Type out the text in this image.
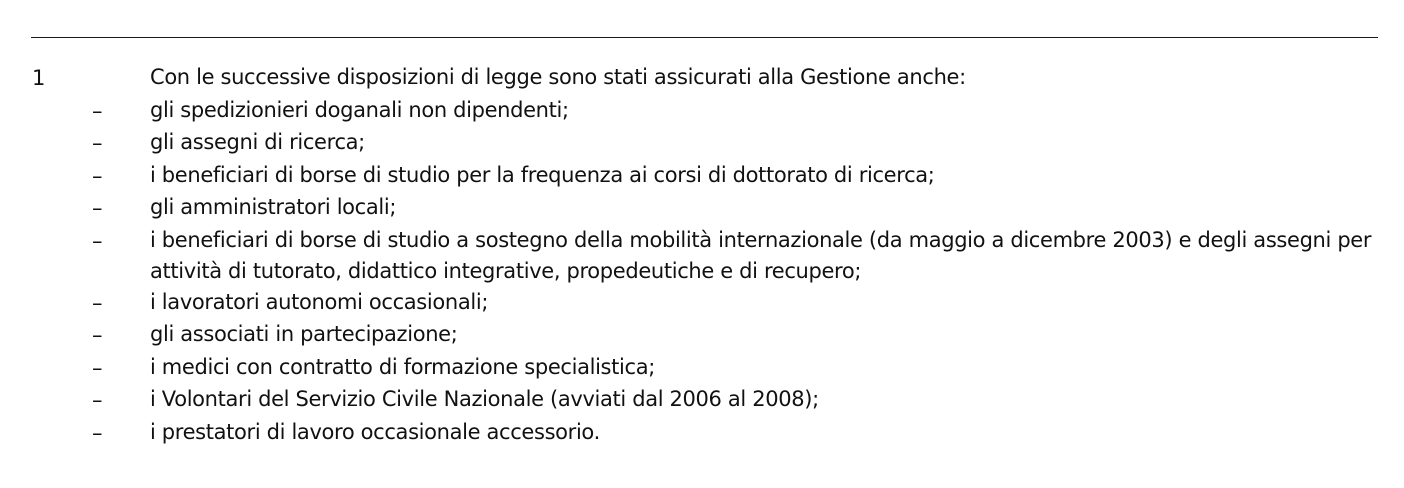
1	Con le successive disposizioni di legge sono stati assicurati alla Gestione anche:
– gli spedizionieri doganali non dipendenti;
– gli assegni di ricerca;
– i beneficiari di borse di studio per la frequenza ai corsi di dottorato di ricerca;
– gli amministratori locali;
– i beneficiari di borse di studio a sostegno della mobilità internazionale (da maggio a dicembre 2003) e degli assegni per attività di tutorato, didattico integrative, propedeutiche e di recupero;
– i lavoratori autonomi occasionali;
– gli associati in partecipazione;
– i medici con contratto di formazione specialistica;
– i Volontari del Servizio Civile Nazionale (avviati dal 2006 al 2008);
– i prestatori di lavoro occasionale accessorio.
